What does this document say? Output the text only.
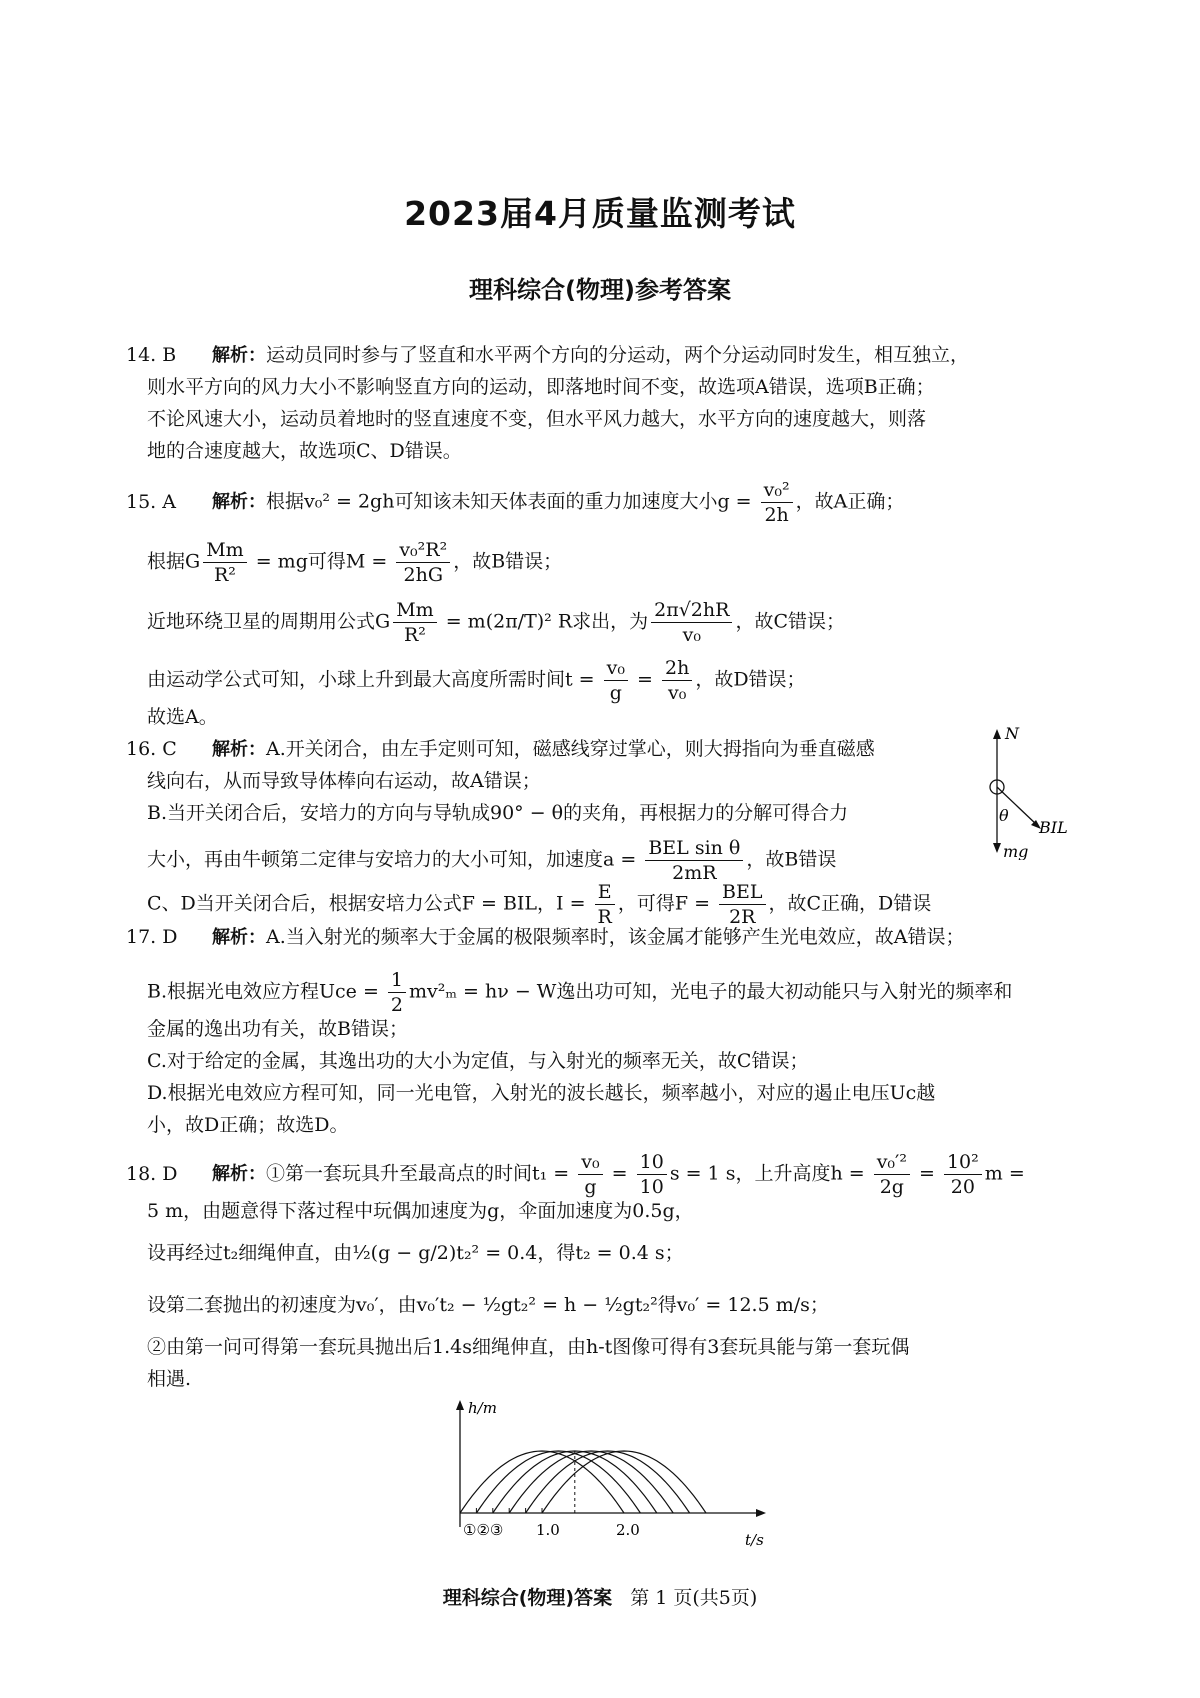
2023届4月质量监测考试
理科综合(物理)参考答案
14. B 解析：运动员同时参与了竖直和水平两个方向的分运动，两个分运动同时发生，相互独立，
则水平方向的风力大小不影响竖直方向的运动，即落地时间不变，故选项A错误，选项B正确；
不论风速大小，运动员着地时的竖直速度不变，但水平风力越大，水平方向的速度越大，则落
地的合速度越大，故选项C、D错误。
15. A 解析：根据v₀² = 2gh可知该未知天体表面的重力加速度大小$g = \frac{\text{v₀²}}{2h}$ ，故A正确；
根据G $\frac{Mm}{\text{R²}}$ = mg可得$M = \frac{\text{v₀²R²}}{2hG}$ ，故B错误；
近地环绕卫星的周期用公式G $\frac{Mm}{\text{R²}} = m(2\pi/T)^2$ R求出，为 $\frac{2\pi√2hR}{\text{v₀}}$ ，故C错误；
由运动学公式可知，小球上升到最大高度所需时间$t = \frac{\text{v₀}}{g} = \frac{2h}{\text{v₀}}$ ，故D错误；
故选A。
16. C 解析：A.开关闭合，由左手定则可知，磁感线穿过掌心，则大拇指向为垂直磁感
线向右，从而导致导体棒向右运动，故A错误；
B.当开关闭合后，安培力的方向与导轨成90° − θ的夹角，再根据力的分解可得合力
大小，再由牛顿第二定律与安培力的大小可知，加速度a =
BEL sin θ
2mR
，故B错误
C、D当开关闭合后，根据安培力公式F = BIL，$I = \frac{E}{R}$ ，可得F =
BEL
2R
，故C正确，D错误
N
θ
BIL
mg
17. D 解析：A.当入射光的频率大于金属的极限频率时，该金属才能够产生光电效应，故A错误；
B.根据光电效应方程Ucе = $\frac{1}{2} mv^2_m = h\nu - W$逸出功可知，光电子的最大初动能只与入射光的频率和
金属的逸出功有关，故B错误；
C.对于给定的金属，其逸出功的大小为定值，与入射光的频率无关，故C错误；
D.根据光电效应方程可知，同一光电管，入射光的波长越长，频率越小，对应的遏止电压Uc越
小，故D正确；故选D。
18. D 解析：①第一套玩具升至最高点的时间$t_1 = \frac{\text{v₀}}{g} = \frac{10}{10}$ s = 1 s，上升高度$h = \frac{\text{v₀′²}}{2g} = \frac{\text{10²}}{20}$ m =
5 m，由题意得下落过程中玩偶加速度为g，伞面加速度为0.5g，
设再经过t₂细绳伸直，由½(g − g/2)t₂² = 0.4，得t₂ = 0.4 s；
设第二套抛出的初速度为v₀′，由v₀′t₂ − ½gt₂² = h − ½gt₂²得v₀′ = 12.5 m/s；
②由第一问可得第一套玩具抛出后1.4s细绳伸直，由h-t图像可得有3套玩具能与第一套玩偶
相遇.
h/m
t/s
①②③ 1.0	2.0
理科综合(物理)答案 第 1 页(共5页)
